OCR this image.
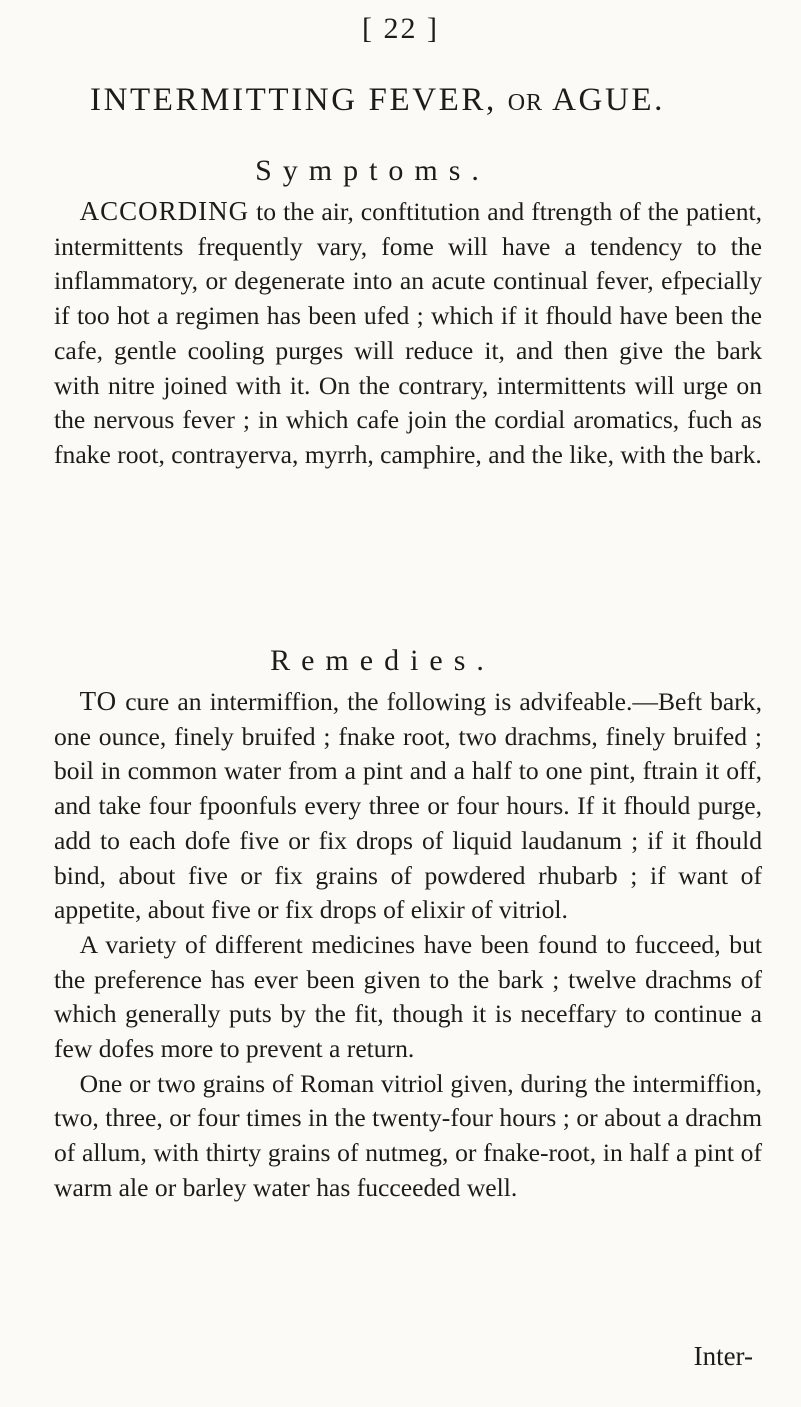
[ 22 ]
INTERMITTING FEVER, OR AGUE.
Symptoms.

ACCORDING to the air, conftitution and ftrength of the patient, intermittents frequently vary, fome will have a tendency to the inflammatory, or degenerate into an acute continual fever, efpecially if too hot a regimen has been ufed ; which if it fhould have been the cafe, gentle cooling purges will reduce it, and then give the bark with nitre joined with it. On the contrary, intermittents will urge on the nervous fever ; in which cafe join the cordial aromatics, fuch as fnake root, contrayerva, myrrh, camphire, and the like, with the bark.

Remedies.

TO cure an intermiffion, the following is advifeable.—Beft bark, one ounce, finely bruifed ; fnake root, two drachms, finely bruifed ; boil in common water from a pint and a half to one pint, ftrain it off, and take four fpoonfuls every three or four hours. If it fhould purge, add to each dofe five or fix drops of liquid laudanum ; if it fhould bind, about five or fix grains of powdered rhubarb ; if want of appetite, about five or fix drops of elixir of vitriol.

A variety of different medicines have been found to fucceed, but the preference has ever been given to the bark ; twelve drachms of which generally puts by the fit, though it is neceffary to continue a few dofes more to prevent a return.

One or two grains of Roman vitriol given, during the intermiffion, two, three, or four times in the twenty-four hours ; or about a drachm of allum, with thirty grains of nutmeg, or fnake-root, in half a pint of warm ale or barley water has fucceeded well.

Inter-
